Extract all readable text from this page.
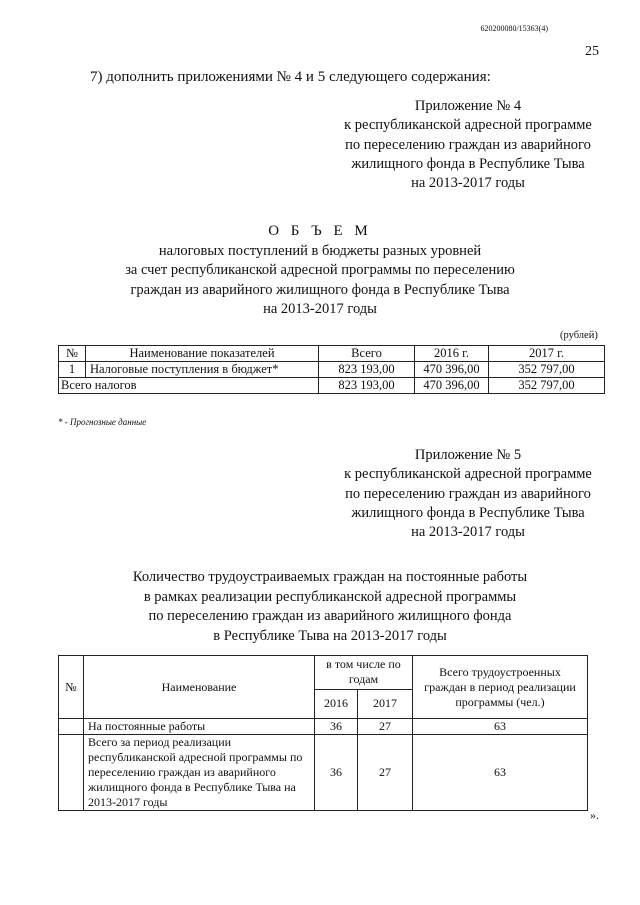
620200080/15363(4)
25
7) дополнить приложениями № 4 и 5 следующего содержания:
Приложение № 4
к республиканской адресной программе
по переселению граждан из аварийного
жилищного фонда в Республике Тыва
на 2013-2017 годы
О Б Ъ Е М
налоговых поступлений в бюджеты разных уровней
за счет республиканской адресной программы по переселению
граждан из аварийного жилищного фонда в Республике Тыва
на 2013-2017 годы
(рублей)
№	Наименование показателей	Всего	2016 г.	2017 г.
1	Налоговые поступления в бюджет*	823 193,00	470 396,00	352 797,00
Всего налогов		823 193,00	470 396,00	352 797,00
* - Прогнозные данные
Приложение № 5
к республиканской адресной программе
по переселению граждан из аварийного
жилищного фонда в Республике Тыва
на 2013-2017 годы
Количество трудоустраиваемых граждан на постоянные работы
в рамках реализации республиканской адресной программы
по переселению граждан из аварийного жилищного фонда
в Республике Тыва на 2013-2017 годы
№	Наименование	в том числе по годам		Всего трудоустроенных граждан в период реализации программы (чел.)
		2016	2017	
	На постоянные работы	36	27	63
	Всего за период реализации республиканской адресной программы по переселению граждан из аварийного жилищного фонда в Республике Тыва на 2013-2017 годы	36	27	63
».
